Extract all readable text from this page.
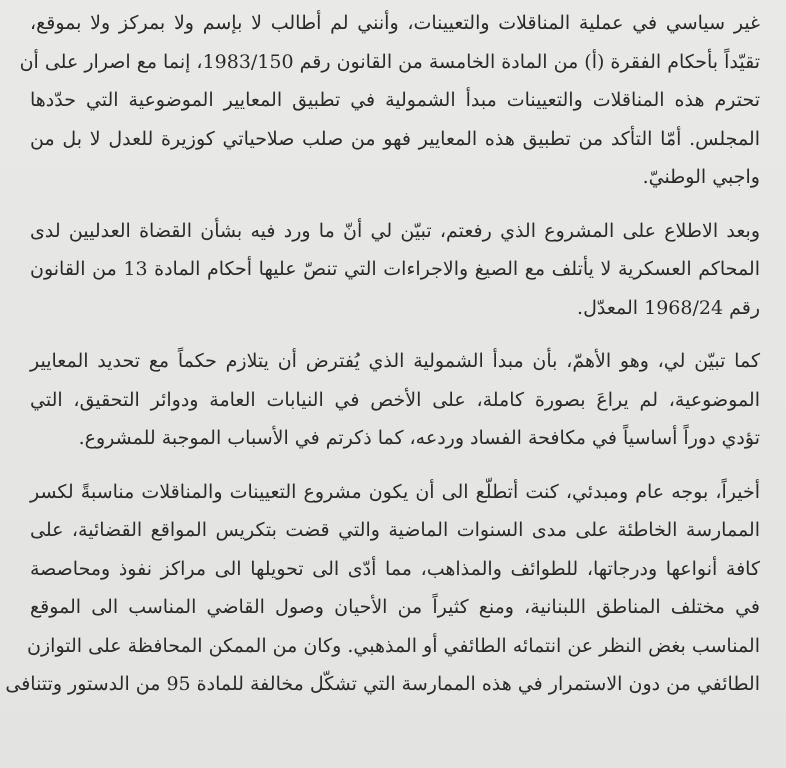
غير سياسي في عملية المناقلات والتعيينات، وأنني لم أطالب لا بإسم ولا بمركز ولا بموقع،
تقيّداً بأحكام الفقرة (أ) من المادة الخامسة من القانون رقم 1983/150، إنما مع اصرار على أن
تحترم هذه المناقلات والتعيينات مبدأ الشمولية في تطبيق المعايير الموضوعية التي حدّدها
المجلس. أمّا التأكد من تطبيق هذه المعايير فهو من صلب صلاحياتي كوزيرة للعدل لا بل من
واجبي الوطنيّ.
وبعد الاطلاع على المشروع الذي رفعتم، تبيّن لي أنّ ما ورد فيه بشأن القضاة العدليين لدى
المحاكم العسكرية لا يأتلف مع الصيغ والاجراءات التي تنصّ عليها أحكام المادة 13 من القانون
رقم 1968/24 المعدّل.
كما تبيّن لي، وهو الأهمّ، بأن مبدأ الشمولية الذي يُفترض أن يتلازم حكماً مع تحديد المعايير
الموضوعية، لم يراعَ بصورة كاملة، على الأخص في النيابات العامة ودوائر التحقيق، التي
تؤدي دوراً أساسياً في مكافحة الفساد وردعه، كما ذكرتم في الأسباب الموجبة للمشروع.
أخيراً، بوجه عام ومبدئي، كنت أتطلّع الى أن يكون مشروع التعيينات والمناقلات مناسبةً لكسر
الممارسة الخاطئة على مدى السنوات الماضية والتي قضت بتكريس المواقع القضائية، على
كافة أنواعها ودرجاتها، للطوائف والمذاهب، مما أدّى الى تحويلها الى مراكز نفوذ ومحاصصة
في مختلف المناطق اللبنانية، ومنع كثيراً من الأحيان وصول القاضي المناسب الى الموقع
المناسب بغض النظر عن انتمائه الطائفي أو المذهبي. وكان من الممكن المحافظة على التوازن
الطائفي من دون الاستمرار في هذه الممارسة التي تشكّل مخالفة للمادة 95 من الدستور وتتنافى
